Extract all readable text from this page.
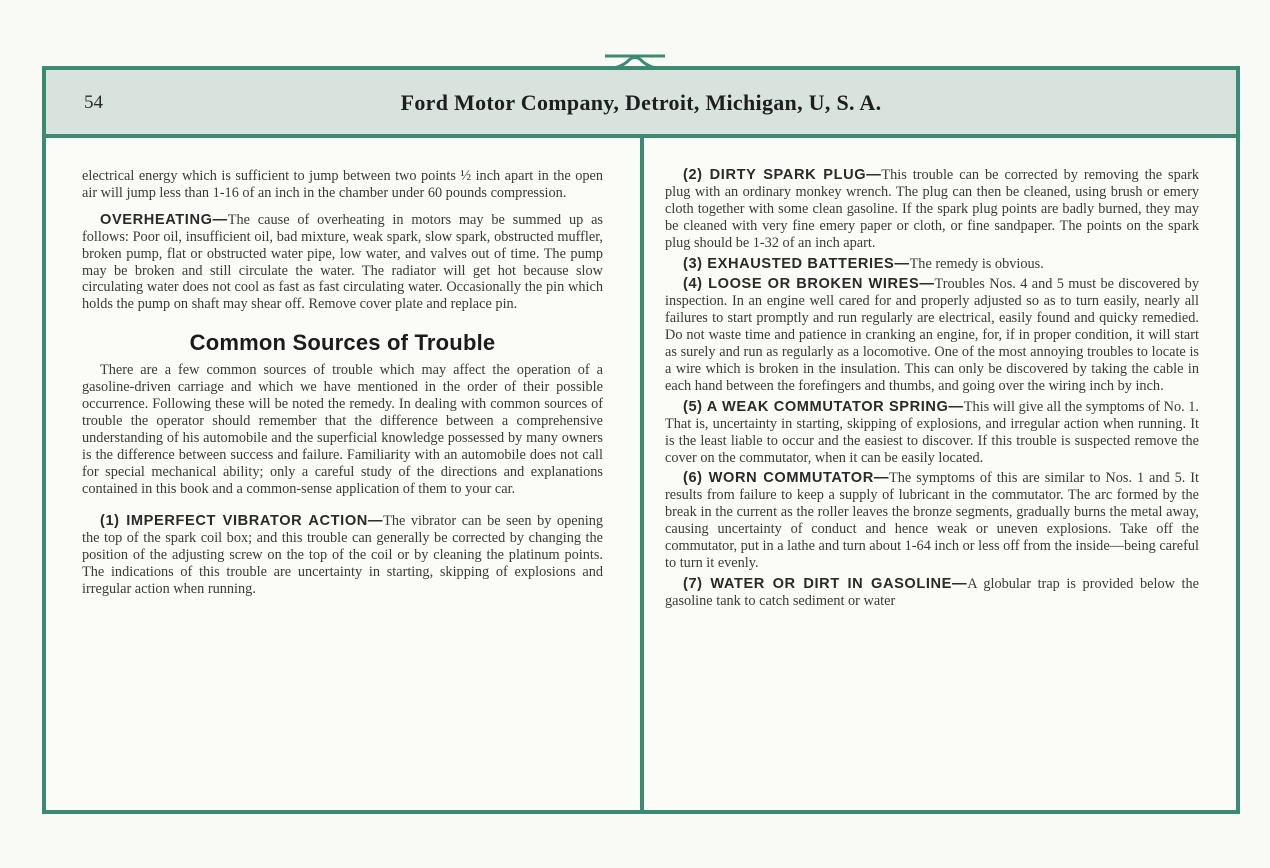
54	Ford Motor Company, Detroit, Michigan, U, S. A.

electrical energy which is sufficient to jump between two points ½ inch apart in the open air will jump less than 1-16 of an inch in the chamber under 60 pounds compression.

OVERHEATING—The cause of overheating in motors may be summed up as follows: Poor oil, insufficient oil, bad mixture, weak spark, slow spark, obstructed muffler, broken pump, flat or obstructed water pipe, low water, and valves out of time. The pump may be broken and still circulate the water. The radiator will get hot because slow circulating water does not cool as fast as fast circulating water. Occasionally the pin which holds the pump on shaft may shear off. Remove cover plate and replace pin.

Common Sources of Trouble

There are a few common sources of trouble which may affect the operation of a gasoline-driven carriage and which we have mentioned in the order of their possible occurrence. Following these will be noted the remedy. In dealing with common sources of trouble the operator should remember that the difference between a comprehensive understanding of his automobile and the superficial knowledge possessed by many owners is the difference between success and failure. Familiarity with an automobile does not call for special mechanical ability; only a careful study of the directions and explanations contained in this book and a common-sense application of them to your car.

(1) IMPERFECT VIBRATOR ACTION—The vibrator can be seen by opening the top of the spark coil box; and this trouble can generally be corrected by changing the position of the adjusting screw on the top of the coil or by cleaning the platinum points. The indications of this trouble are uncertainty in starting, skipping of explosions and irregular action when running.

(2) DIRTY SPARK PLUG—This trouble can be corrected by removing the spark plug with an ordinary monkey wrench. The plug can then be cleaned, using brush or emery cloth together with some clean gasoline. If the spark plug points are badly burned, they may be cleaned with very fine emery paper or cloth, or fine sandpaper. The points on the spark plug should be 1-32 of an inch apart.

(3) EXHAUSTED BATTERIES—The remedy is obvious.

(4) LOOSE OR BROKEN WIRES—Troubles Nos. 4 and 5 must be discovered by inspection. In an engine well cared for and properly adjusted so as to turn easily, nearly all failures to start promptly and run regularly are electrical, easily found and quicky remedied. Do not waste time and patience in cranking an engine, for, if in proper condition, it will start as surely and run as regularly as a locomotive. One of the most annoying troubles to locate is a wire which is broken in the insulation. This can only be discovered by taking the cable in each hand between the forefingers and thumbs, and going over the wiring inch by inch.

(5) A WEAK COMMUTATOR SPRING—This will give all the symptoms of No. 1. That is, uncertainty in starting, skipping of explosions, and irregular action when running. It is the least liable to occur and the easiest to discover. If this trouble is suspected remove the cover on the commutator, when it can be easily located.

(6) WORN COMMUTATOR—The symptoms of this are similar to Nos. 1 and 5. It results from failure to keep a supply of lubricant in the commutator. The arc formed by the break in the current as the roller leaves the bronze segments, gradually burns the metal away, causing uncertainty of conduct and hence weak or uneven explosions. Take off the commutator, put in a lathe and turn about 1-64 inch or less off from the inside—being careful to turn it evenly.

(7) WATER OR DIRT IN GASOLINE—A globular trap is provided below the gasoline tank to catch sediment or water
